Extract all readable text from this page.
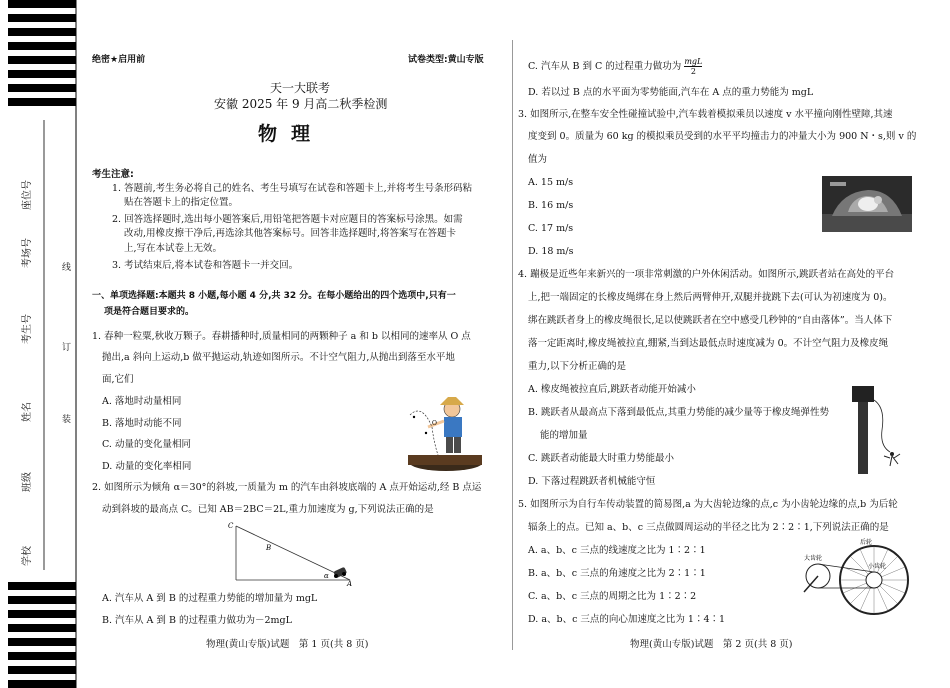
座位号
考场号
考生号
姓名
班级
学校
线
订
装
绝密★启用前	试卷类型:黄山专版
天一大联考
安徽 2025 年 9 月高二秋季检测
物理
考生注意:
1. 答题前,考生务必将自己的姓名、考生号填写在试卷和答题卡上,并将考生号条形码粘
贴在答题卡上的指定位置。
2. 回答选择题时,选出每小题答案后,用铅笔把答题卡对应题目的答案标号涂黑。如需
改动,用橡皮擦干净后,再选涂其他答案标号。回答非选择题时,将答案写在答题卡
上,写在本试卷上无效。
3. 考试结束后,将本试卷和答题卡一并交回。
一、单项选择题:本题共 8 小题,每小题 4 分,共 32 分。在每小题给出的四个选项中,只有一
项是符合题目要求的。
1. 春种一粒粟,秋收万颗子。春耕播种时,质量相同的两颗种子 a 和 b 以相同的速率从 O 点
抛出,a 斜向上运动,b 做平抛运动,轨迹如图所示。不计空气阻力,从抛出到落至水平地
面,它们
A. 落地时动量相同
B. 落地时动能不同
C. 动量的变化量相同
D. 动量的变化率相同
O
2. 如图所示为倾角 α＝30°的斜坡,一质量为 m 的汽车由斜坡底端的 A 点开始运动,经 B 点运
动到斜坡的最高点 C。已知 AB＝2BC＝2L,重力加速度为 g,下列说法正确的是
C
B
A
α
A. 汽车从 A 到 B 的过程重力势能的增加量为 mgL
B. 汽车从 A 到 B 的过程重力做功为－2mgL
物理(黄山专版)试题　第 1 页(共 8 页)
C. 汽车从 B 到 C 的过程重力做功为 mgL
2
D. 若以过 B 点的水平面为零势能面,汽车在 A 点的重力势能为 mgL
3. 如图所示,在整车安全性碰撞试验中,汽车载着模拟乘员以速度 v 水平撞向刚性壁障,其速
度变到 0。质量为 60 kg 的模拟乘员受到的水平平均撞击力的冲量大小为 900 N・s,则 v 的
值为
A. 15 m/s
B. 16 m/s
C. 17 m/s
D. 18 m/s
4. 蹦极是近些年来新兴的一项非常刺激的户外休闲活动。如图所示,跳跃者站在高处的平台
上,把一端固定的长橡皮绳绑在身上然后两臂伸开,双腿并拢跳下去(可认为初速度为 0)。
绑在跳跃者身上的橡皮绳很长,足以使跳跃者在空中感受几秒钟的“自由落体”。当人体下
落一定距离时,橡皮绳被拉直,绷紧,当到达最低点时速度减为 0。不计空气阻力及橡皮绳
重力,以下分析正确的是
A. 橡皮绳被拉直后,跳跃者动能开始减小
B. 跳跃者从最高点下落到最低点,其重力势能的减少量等于橡皮绳弹性势
能的增加量
C. 跳跃者动能最大时重力势能最小
D. 下落过程跳跃者机械能守恒
5. 如图所示为自行车传动装置的简易图,a 为大齿轮边缘的点,c 为小齿轮边缘的点,b 为后轮
辐条上的点。已知 a、b、c 三点做圆周运动的半径之比为 2∶2∶1,下列说法正确的是
A. a、b、c 三点的线速度之比为 1∶2∶1
B. a、b、c 三点的角速度之比为 2∶1∶1
C. a、b、c 三点的周期之比为 1∶2∶2
D. a、b、c 三点的向心加速度之比为 1∶4∶1
后轮
大齿轮
小齿轮
物理(黄山专版)试题　第 2 页(共 8 页)
